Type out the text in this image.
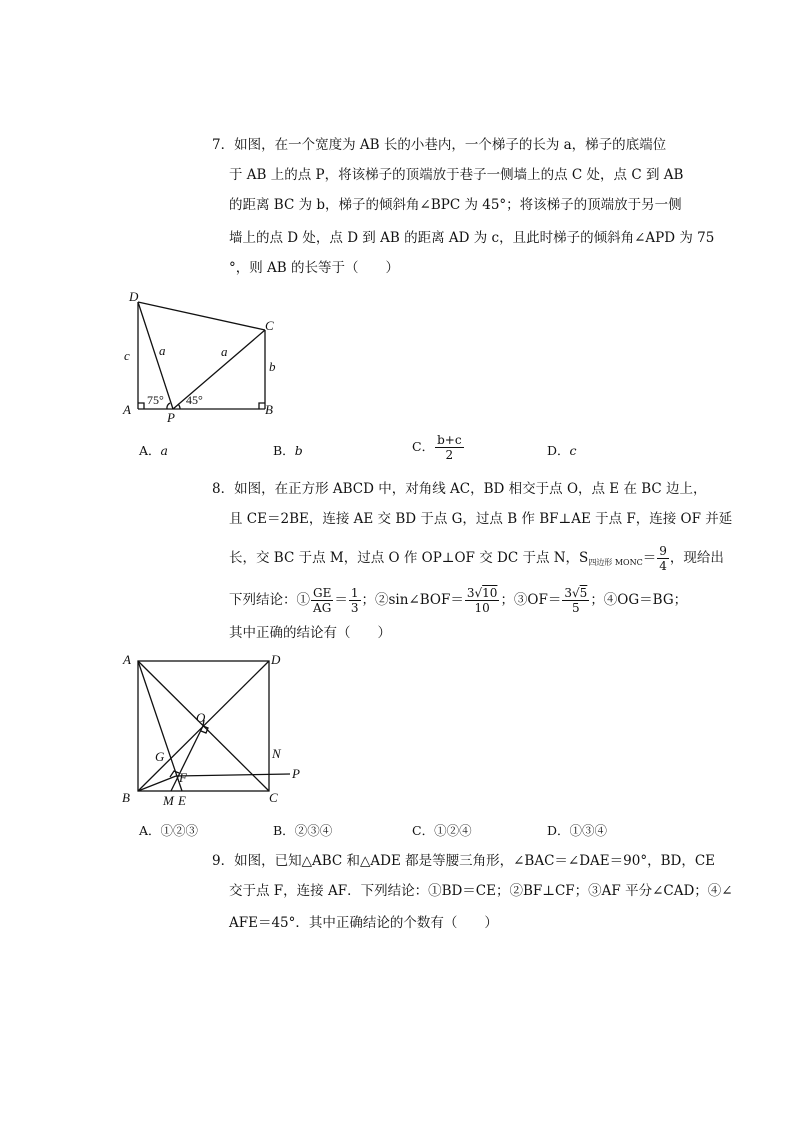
7．如图，在一个宽度为 AB 长的小巷内，一个梯子的长为 a，梯子的底端位
于 AB 上的点 P，将该梯子的顶端放于巷子一侧墙上的点 C 处，点 C 到 AB
的距离 BC 为 b，梯子的倾斜角∠BPC 为 45°；将该梯子的顶端放于另一侧
墙上的点 D 处，点 D 到 AB 的距离 AD 为 c，且此时梯子的倾斜角∠APD 为 75
°，则 AB 的长等于（　　）
D
C
A	B
P
c a	a
b
75° 45°
A．a	B．b	C． $\frac{b+c}{2}$	D．c
8．如图，在正方形 ABCD 中，对角线 AC，BD 相交于点 O，点 E 在 BC 边上，
且 CE＝2BE，连接 AE 交 BD 于点 G，过点 B 作 BF⊥AE 于点 F，连接 OF 并延
长，交 BC 于点 M，过点 O 作 OP⊥OF 交 DC 于点 N，$S_{四边形 MONC}= \frac{9}{4}$ ，现给出
下列结论：① $\frac{GE}{AG} = \frac{1}{3}$ ；②sin∠BOF＝ $\frac{3√10}{10}$ ；③OF＝ $\frac{3√5}{5}$ ；④OG＝BG；
其中正确的结论有（　　）
A	D
B	C
O
G
F
N
P
M E
A．①②③	B．②③④	C．①②④	D．①③④
9．如图，已知△ABC 和△ADE 都是等腰三角形，∠BAC＝∠DAE＝90°，BD，CE
交于点 F，连接 AF．下列结论：①BD＝CE；②BF⊥CF；③AF 平分∠CAD；④∠
AFE＝45°．其中正确结论的个数有（　　）
